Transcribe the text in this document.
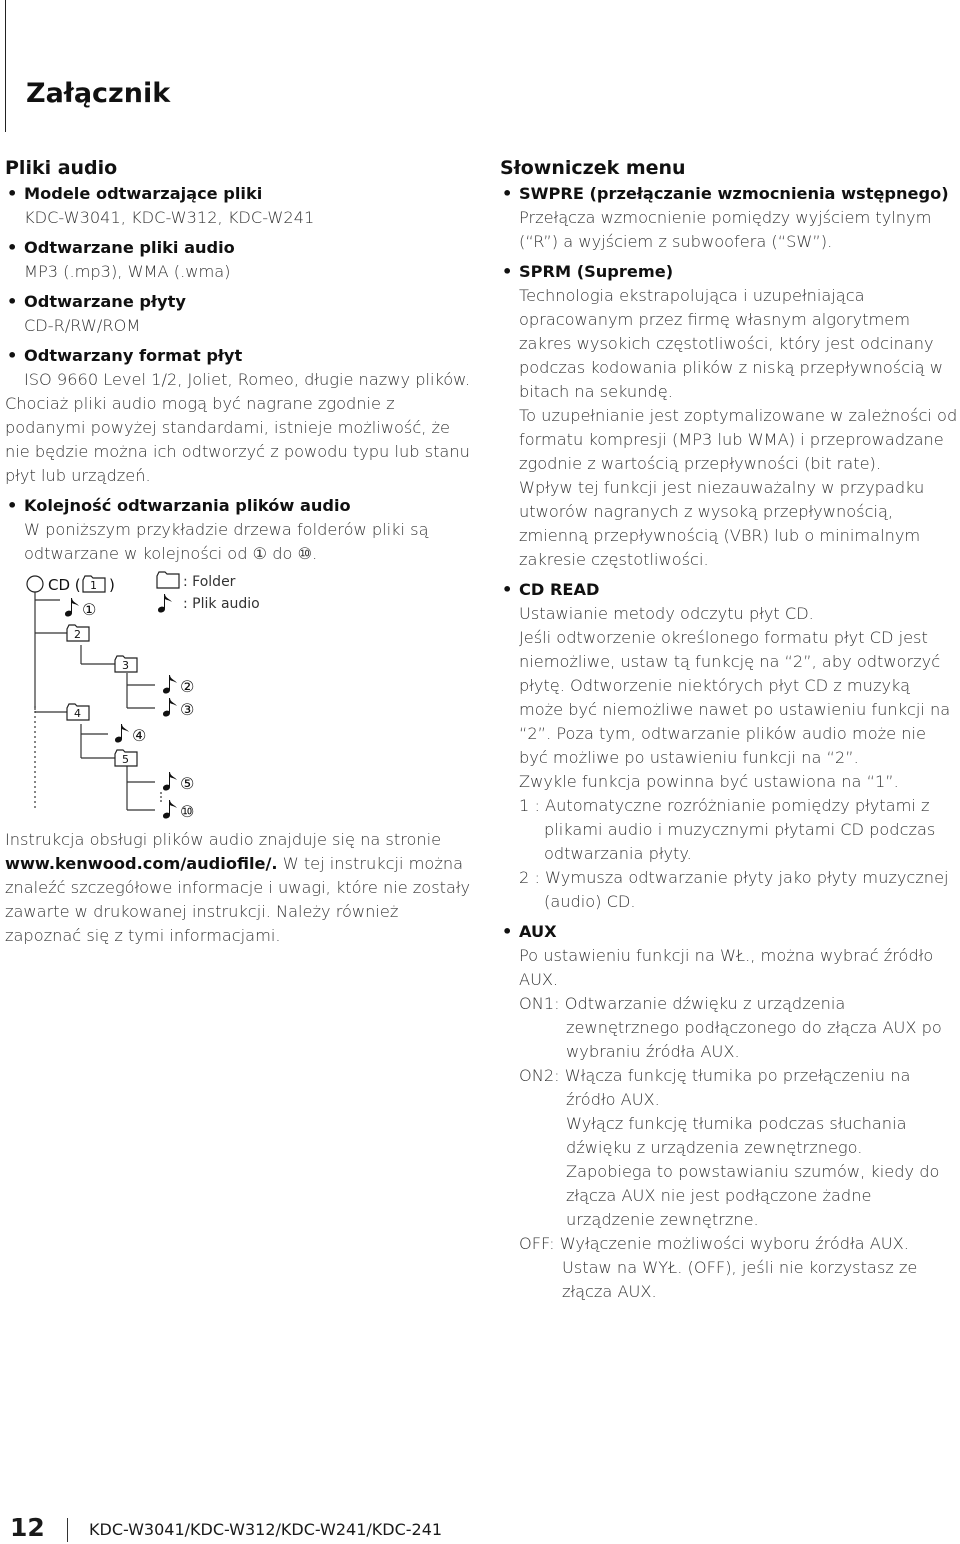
Załącznik
Pliki audio
• Modele odtwarzające pliki
KDC-W3041, KDC-W312, KDC-W241
• Odtwarzane pliki audio
MP3 (.mp3), WMA (.wma)
• Odtwarzane płyty
CD-R/RW/ROM
• Odtwarzany format płyt
ISO 9660 Level 1/2, Joliet, Romeo, długie nazwy plików.
Chociaż pliki audio mogą być nagrane zgodnie z podanymi powyżej standardami, istnieje możliwość, że nie będzie można ich odtworzyć z powodu typu lub stanu płyt lub urządzeń.
• Kolejność odtwarzania plików audio
W poniższym przykładzie drzewa folderów pliki są odtwarzane w kolejności od ① do ⑩.
CD ( 1 )	: Folder
: Plik audio
①
2
3
②
③
4
④
5
⑤
⑩
Instrukcja obsługi plików audio znajduje się na stronie www.kenwood.com/audiofile/. W tej instrukcji można znaleźć szczegółowe informacje i uwagi, które nie zostały zawarte w drukowanej instrukcji. Należy również zapoznać się z tymi informacjami.
Słowniczek menu
• SWPRE (przełączanie wzmocnienia wstępnego)
Przełącza wzmocnienie pomiędzy wyjściem tylnym (“R”) a wyjściem z subwoofera (“SW”).
• SPRM (Supreme)
Technologia ekstrapolująca i uzupełniająca opracowanym przez firmę własnym algorytmem zakres wysokich częstotliwości, który jest odcinany podczas kodowania plików z niską przepływnością w bitach na sekundę.
To uzupełnianie jest zoptymalizowane w zależności od formatu kompresji (MP3 lub WMA) i przeprowadzane zgodnie z wartością przepływności (bit rate).
Wpływ tej funkcji jest niezauważalny w przypadku utworów nagranych z wysoką przepływnością, zmienną przepływnością (VBR) lub o minimalnym zakresie częstotliwości.
• CD READ
Ustawianie metody odczytu płyt CD.
Jeśli odtworzenie określonego formatu płyt CD jest niemożliwe, ustaw tą funkcję na “2”, aby odtworzyć płytę. Odtworzenie niektórych płyt CD z muzyką może być niemożliwe nawet po ustawieniu funkcji na “2”. Poza tym, odtwarzanie plików audio może nie być możliwe po ustawieniu funkcji na “2”.
Zwykle funkcja powinna być ustawiona na “1”.
1 : Automatyczne rozróżnianie pomiędzy płytami z plikami audio i muzycznymi płytami CD podczas odtwarzania płyty.
2 : Wymusza odtwarzanie płyty jako płyty muzycznej (audio) CD.
• AUX
Po ustawieniu funkcji na WŁ., można wybrać źródło AUX.
ON1: Odtwarzanie dźwięku z urządzenia zewnętrznego podłączonego do złącza AUX po wybraniu źródła AUX.
ON2: Włącza funkcję tłumika po przełączeniu na źródło AUX.
Wyłącz funkcję tłumika podczas słuchania dźwięku z urządzenia zewnętrznego.
Zapobiega to powstawianiu szumów, kiedy do złącza AUX nie jest podłączone żadne urządzenie zewnętrzne.
OFF: Wyłączenie możliwości wyboru źródła AUX. Ustaw na WYŁ. (OFF), jeśli nie korzystasz ze złącza AUX.
12	KDC-W3041/KDC-W312/KDC-W241/KDC-241
